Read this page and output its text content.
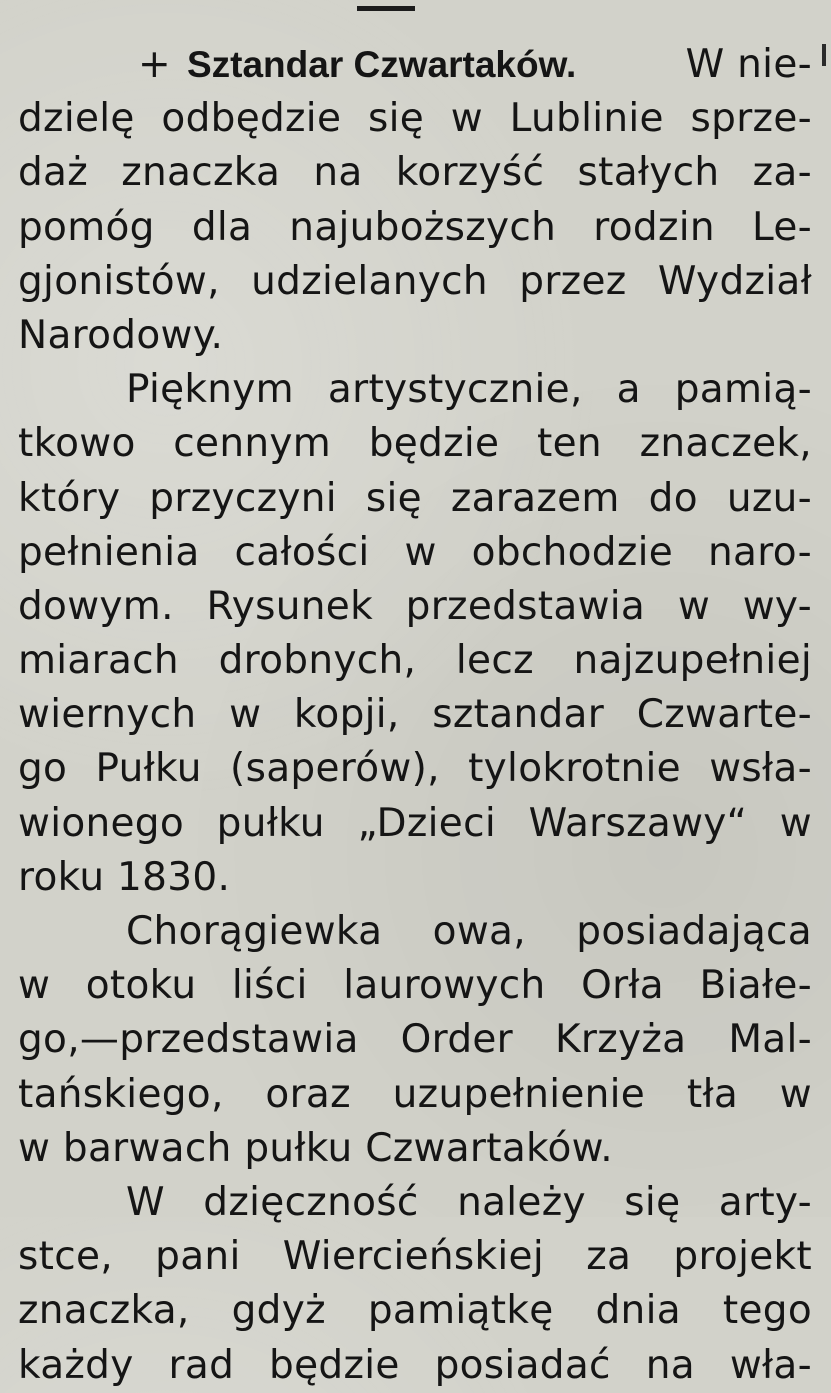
+ Sztandar Czwartaków.	W nie-
dzielę odbędzie się w Lublinie sprze-
daż znaczka na korzyść stałych za-
pomóg dla najuboższych rodzin Le-
gjonistów, udzielanych przez Wydział
Narodowy.
Pięknym artystycznie, a pamią-
tkowo cennym będzie ten znaczek,
który przyczyni się zarazem do uzu-
pełnienia całości w obchodzie naro-
dowym. Rysunek przedstawia w wy-
miarach drobnych, lecz najzupełniej
wiernych w kopji, sztandar Czwarte-
go Pułku (saperów), tylokrotnie wsła-
wionego pułku „Dzieci Warszawy“ w
roku 1830.
Chorągiewka owa, posiadająca
w otoku liści laurowych Orła Białe-
go,—przedstawia Order Krzyża Mal-
tańskiego, oraz uzupełnienie tła w
w barwach pułku Czwartaków.
W dzięczność należy się arty-
stce, pani Wiercieńskiej za projekt
znaczka, gdyż pamiątkę dnia tego
każdy rad będzie posiadać na wła-
